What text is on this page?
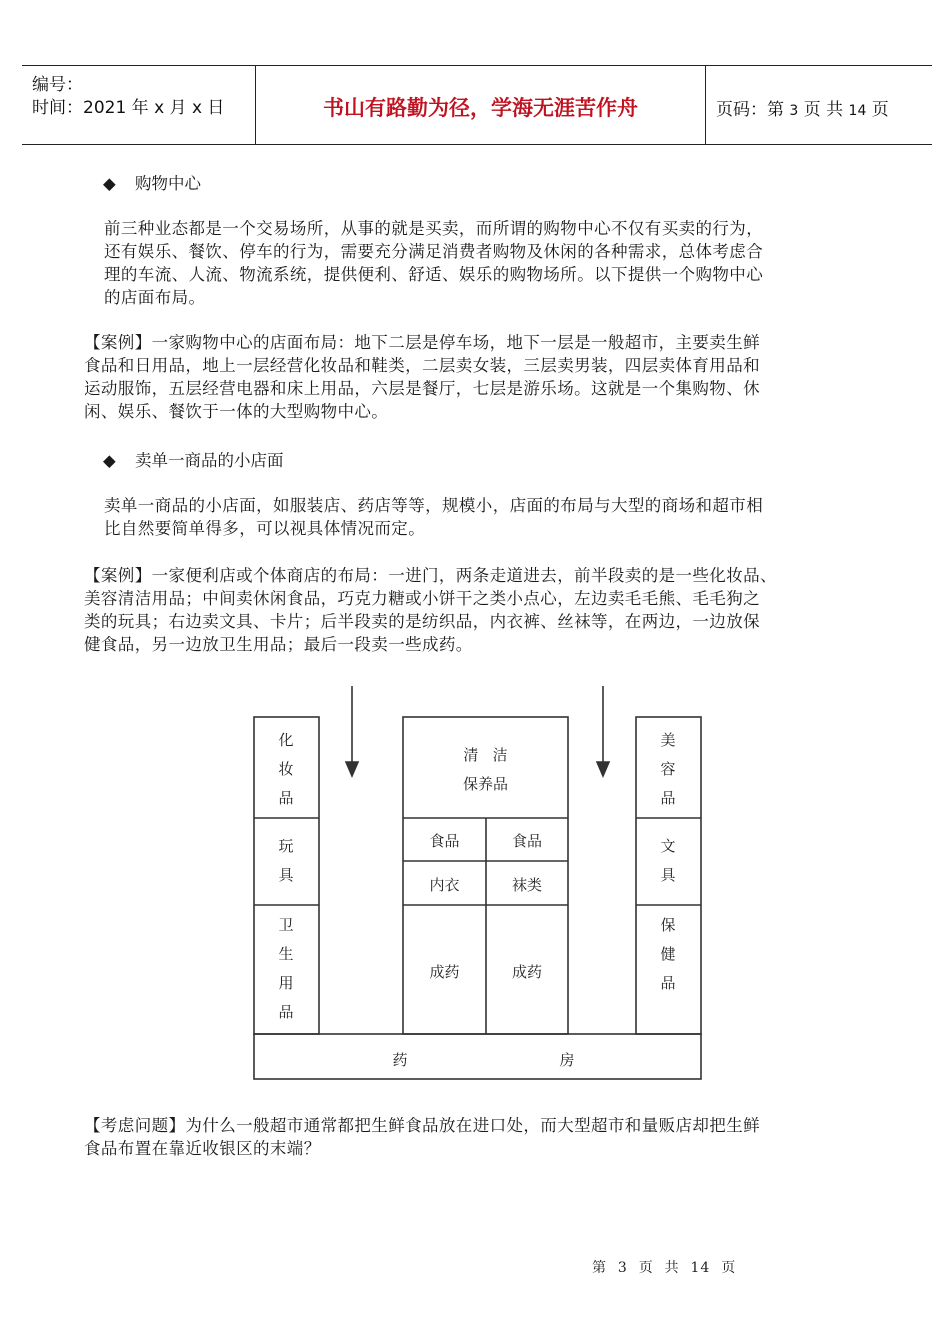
编号：
时间：2021 年 x 月 x 日	书山有路勤为径，学海无涯苦作舟	页码：第 3 页 共 14 页
◆ 购物中心
前三种业态都是一个交易场所，从事的就是买卖，而所谓的购物中心不仅有买卖的行为，
还有娱乐、餐饮、停车的行为，需要充分满足消费者购物及休闲的各种需求，总体考虑合
理的车流、人流、物流系统，提供便利、舒适、娱乐的购物场所。以下提供一个购物中心
的店面布局。
【案例】一家购物中心的店面布局：地下二层是停车场，地下一层是一般超市，主要卖生鲜
食品和日用品，地上一层经营化妆品和鞋类，二层卖女装，三层卖男装，四层卖体育用品和
运动服饰，五层经营电器和床上用品，六层是餐厅，七层是游乐场。这就是一个集购物、休
闲、娱乐、餐饮于一体的大型购物中心。
◆ 卖单一商品的小店面
卖单一商品的小店面，如服装店、药店等等，规模小，店面的布局与大型的商场和超市相
比自然要简单得多，可以视具体情况而定。
【案例】一家便利店或个体商店的布局：一进门，两条走道进去，前半段卖的是一些化妆品、
美容清洁用品；中间卖休闲食品，巧克力糖或小饼干之类小点心，左边卖毛毛熊、毛毛狗之
类的玩具；右边卖文具、卡片；后半段卖的是纺织品，内衣裤、丝袜等，在两边，一边放保
健食品，另一边放卫生用品；最后一段卖一些成药。
化
妆
品
玩
具
卫
生
用
品
美
容
品
文
具
保
健
品
清   洁
保养品
食品	食品
内衣	袜类
成药	成药
药	房
【考虑问题】为什么一般超市通常都把生鲜食品放在进口处，而大型超市和量贩店却把生鲜
食品布置在靠近收银区的末端？
第  3  页  共  14  页
